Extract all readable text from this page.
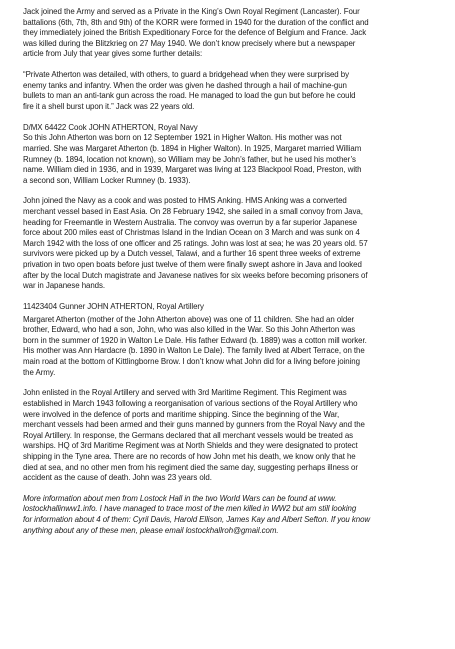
Jack joined the Army and served as a Private in the King’s Own Royal Regiment (Lancaster). Four
battalions (6th, 7th, 8th and 9th) of the KORR were formed in 1940 for the duration of the conflict and
they immediately joined the British Expeditionary Force for the defence of Belgium and France. Jack
was killed during the Blitzkrieg on 27 May 1940. We don’t know precisely where but a newspaper
article from July that year gives some further details:
“Private Atherton was detailed, with others, to guard a bridgehead when they were surprised by
enemy tanks and infantry. When the order was given he dashed through a hail of machine-gun
bullets to man an anti-tank gun across the road. He managed to load the gun but before he could
fire it a shell burst upon it.” Jack was 22 years old.
D/MX 64422 Cook JOHN ATHERTON, Royal Navy
So this John Atherton was born on 12 September 1921 in Higher Walton. His mother was not
married. She was Margaret Atherton (b. 1894 in Higher Walton). In 1925, Margaret married William
Rumney (b. 1894, location not known), so William may be John’s father, but he used his mother’s
name. William died in 1936, and in 1939, Margaret was living at 123 Blackpool Road, Preston, with
a second son, William Locker Rumney (b. 1933).
John joined the Navy as a cook and was posted to HMS Anking. HMS Anking was a converted
merchant vessel based in East Asia. On 28 February 1942, she sailed in a small convoy from Java,
heading for Freemantle in Western Australia. The convoy was overrun by a far superior Japanese
force about 200 miles east of Christmas Island in the Indian Ocean on 3 March and was sunk on 4
March 1942 with the loss of one officer and 25 ratings. John was lost at sea; he was 20 years old. 57
survivors were picked up by a Dutch vessel, Talawi, and a further 16 spent three weeks of extreme
privation in two open boats before just twelve of them were finally swept ashore in Java and looked
after by the local Dutch magistrate and Javanese natives for six weeks before becoming prisoners of
war in Japanese hands.
11423404 Gunner JOHN ATHERTON, Royal Artillery
Margaret Atherton (mother of the John Atherton above) was one of 11 children. She had an older
brother, Edward, who had a son, John, who was also killed in the War. So this John Atherton was
born in the summer of 1920 in Walton Le Dale. His father Edward (b. 1889) was a cotton mill worker.
His mother was Ann Hardacre (b. 1890 in Walton Le Dale). The family lived at Albert Terrace, on the
main road at the bottom of Kittlingborne Brow. I don’t know what John did for a living before joining
the Army.
John enlisted in the Royal Artillery and served with 3rd Maritime Regiment. This Regiment was
established in March 1943 following a reorganisation of various sections of the Royal Artillery who
were involved in the defence of ports and maritime shipping. Since the beginning of the War,
merchant vessels had been armed and their guns manned by gunners from the Royal Navy and the
Royal Artillery. In response, the Germans declared that all merchant vessels would be treated as
warships. HQ of 3rd Maritime Regiment was at North Shields and they were designated to protect
shipping in the Tyne area. There are no records of how John met his death, we know only that he
died at sea, and no other men from his regiment died the same day, suggesting perhaps illness or
accident as the cause of death. John was 23 years old.
More information about men from Lostock Hall in the two World Wars can be found at www.
lostockhallinww1.info. I have managed to trace most of the men killed in WW2 but am still looking
for information about 4 of them: Cyril Davis, Harold Ellison, James Kay and Albert Sefton. If you know
anything about any of these men, please email lostockhallroh@gmail.com.
